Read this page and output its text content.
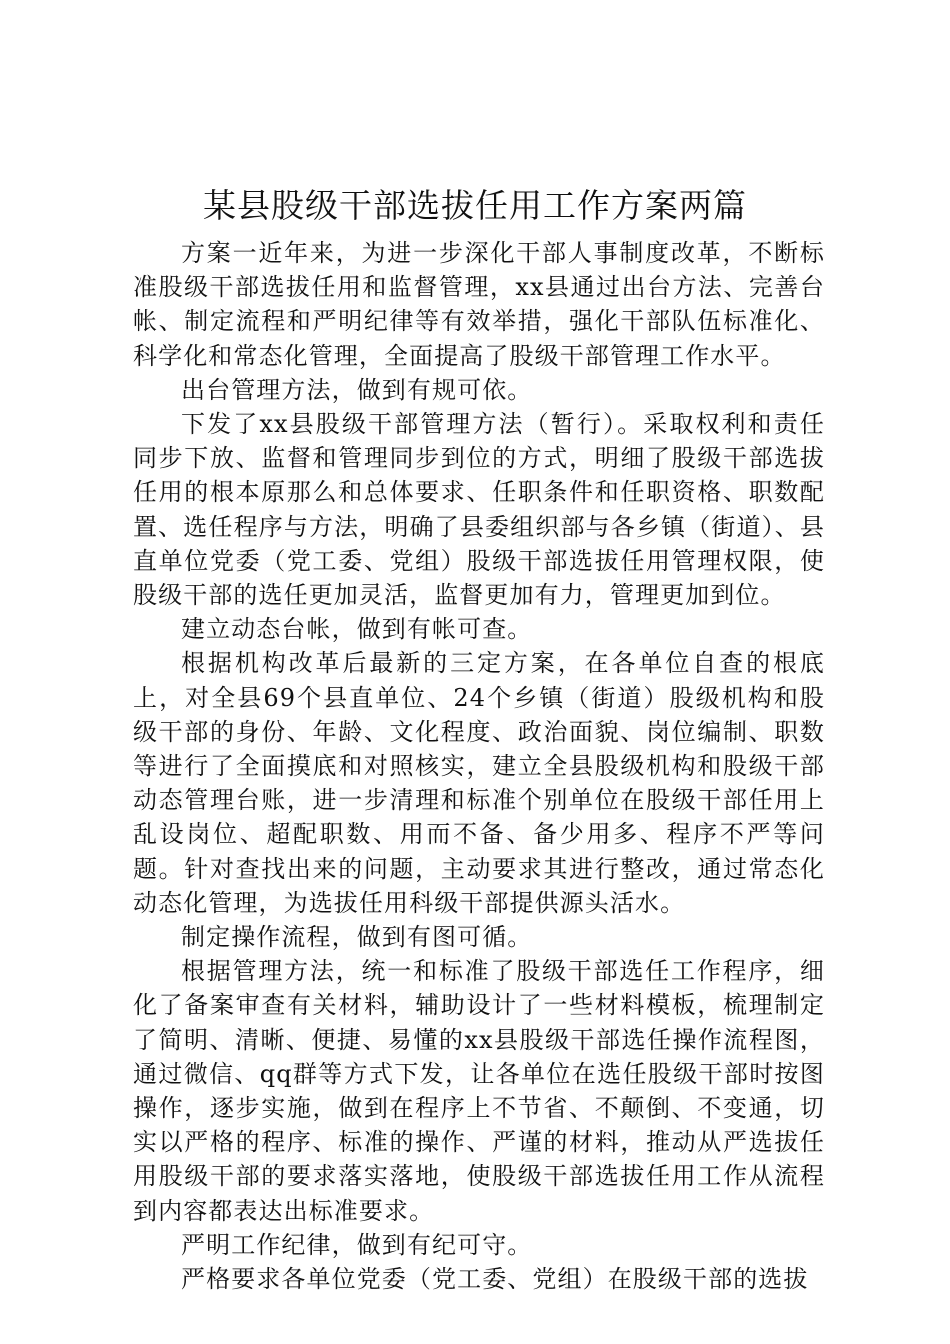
某县股级干部选拔任用工作方案两篇

方案一近年来，为进一步深化干部人事制度改革，不断标准股级干部选拔任用和监督管理，xx县通过出台方法、完善台帐、制定流程和严明纪律等有效举措，强化干部队伍标准化、科学化和常态化管理，全面提高了股级干部管理工作水平。

出台管理方法，做到有规可依。

下发了xx县股级干部管理方法（暂行）。采取权利和责任同步下放、监督和管理同步到位的方式，明细了股级干部选拔任用的根本原那么和总体要求、任职条件和任职资格、职数配置、选任程序与方法，明确了县委组织部与各乡镇（街道）、县直单位党委（党工委、党组）股级干部选拔任用管理权限，使股级干部的选任更加灵活，监督更加有力，管理更加到位。

建立动态台帐，做到有帐可查。

根据机构改革后最新的三定方案，在各单位自查的根底上，对全县69个县直单位、24个乡镇（街道）股级机构和股级干部的身份、年龄、文化程度、政治面貌、岗位编制、职数等进行了全面摸底和对照核实，建立全县股级机构和股级干部动态管理台账，进一步清理和标准个别单位在股级干部任用上乱设岗位、超配职数、用而不备、备少用多、程序不严等问题。针对查找出来的问题，主动要求其进行整改，通过常态化动态化管理，为选拔任用科级干部提供源头活水。

制定操作流程，做到有图可循。

根据管理方法，统一和标准了股级干部选任工作程序，细化了备案审查有关材料，辅助设计了一些材料模板，梳理制定了简明、清晰、便捷、易懂的xx县股级干部选任操作流程图，通过微信、qq群等方式下发，让各单位在选任股级干部时按图操作，逐步实施，做到在程序上不节省、不颠倒、不变通，切实以严格的程序、标准的操作、严谨的材料，推动从严选拔任用股级干部的要求落实落地，使股级干部选拔任用工作从流程到内容都表达出标准要求。

严明工作纪律，做到有纪可守。

严格要求各单位党委（党工委、党组）在股级干部的选拔
